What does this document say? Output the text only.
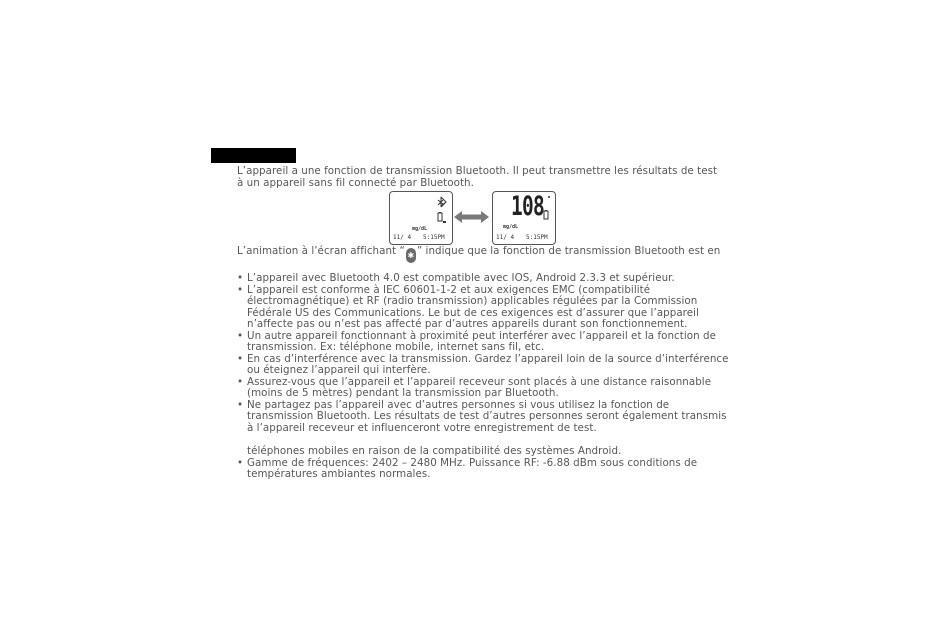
L’appareil a une fonction de transmission Bluetooth. Il peut transmettre les résultats de test
à un appareil sans fil connecté par Bluetooth.
mg/dL
11/ 4 5:15PM
108
mg/dL
11/ 4 5:15PM
L’animation à l’écran affichant “ ✱ ” indique que la fonction de transmission Bluetooth est en
• L’appareil avec Bluetooth 4.0 est compatible avec IOS, Android 2.3.3 et supérieur.
• L’appareil est conforme à IEC 60601-1-2 et aux exigences EMC (compatibilité
électromagnétique) et RF (radio transmission) applicables régulées par la Commission
Fédérale US des Communications. Le but de ces exigences est d’assurer que l’appareil
n’affecte pas ou n’est pas affecté par d’autres appareils durant son fonctionnement.
• Un autre appareil fonctionnant à proximité peut interférer avec l’appareil et la fonction de
transmission. Ex: téléphone mobile, internet sans fil, etc.
• En cas d’interférence avec la transmission. Gardez l’appareil loin de la source d’interférence
ou éteignez l’appareil qui interfère.
• Assurez-vous que l’appareil et l’appareil receveur sont placés à une distance raisonnable
(moins de 5 mètres) pendant la transmission par Bluetooth.
• Ne partagez pas l’appareil avec d’autres personnes si vous utilisez la fonction de
transmission Bluetooth. Les résultats de test d’autres personnes seront également transmis
à l’appareil receveur et influenceront votre enregistrement de test.
téléphones mobiles en raison de la compatibilité des systèmes Android.
• Gamme de fréquences: 2402 – 2480 MHz. Puissance RF: -6.88 dBm sous conditions de
températures ambiantes normales.
